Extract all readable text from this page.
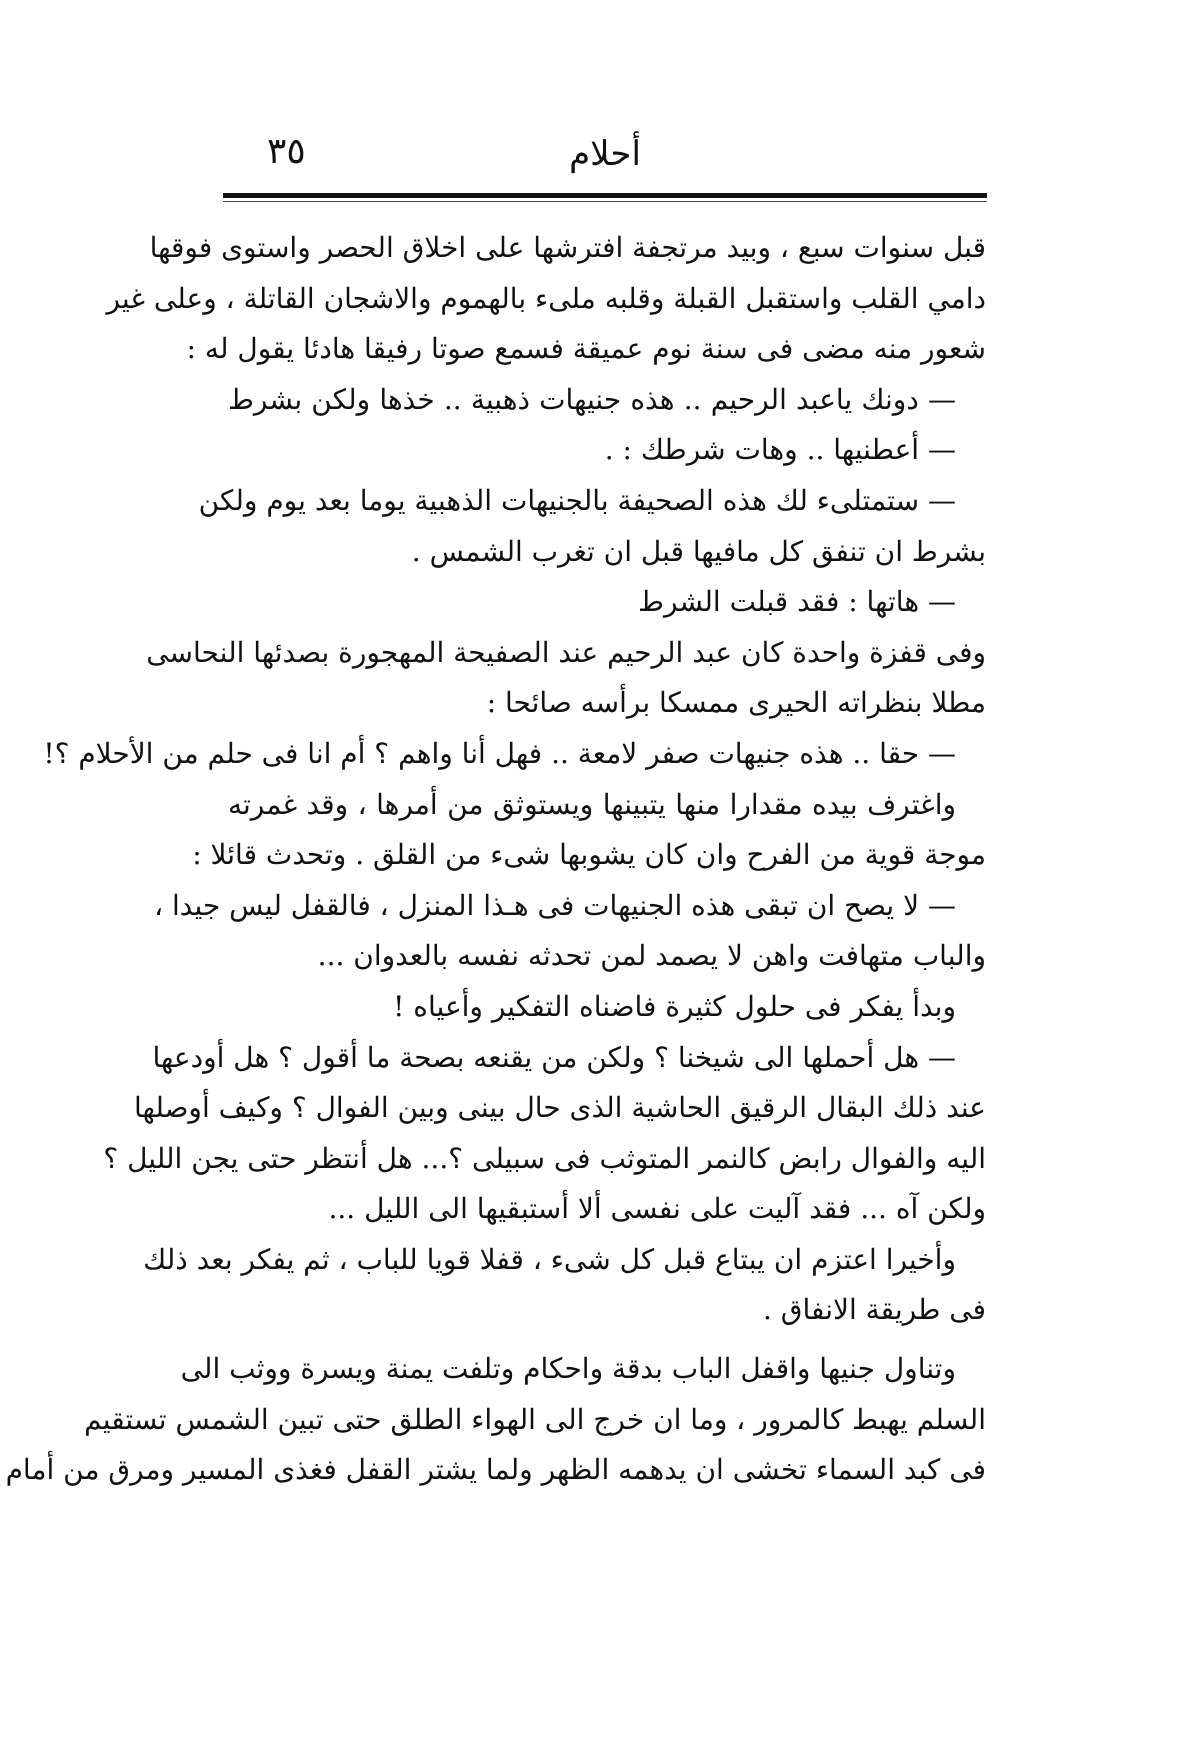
أحلام
٣٥
قبل سنوات سبع ، وبيد مرتجفة افترشها على اخلاق الحصر واستوى فوقها
دامي القلب واستقبل القبلة وقلبه ملىء بالهموم والاشجان القاتلة ، وعلى غير
شعور منه مضى فى سنة نوم عميقة فسمع صوتا رفيقا هادئا يقول له :
— دونك ياعبد الرحيم .. هذه جنيهات ذهبية .. خذها ولكن بشرط
— أعطنيها .. وهات شرطك : .
— ستمتلىء لك هذه الصحيفة بالجنيهات الذهبية يوما بعد يوم ولكن
بشرط ان تنفق كل مافيها قبل ان تغرب الشمس .
— هاتها : فقد قبلت الشرط
وفى قفزة واحدة كان عبد الرحيم عند الصفيحة المهجورة بصدئها النحاسى
مطلا بنظراته الحيرى ممسكا برأسه صائحا :
— حقا .. هذه جنيهات صفر لامعة .. فهل أنا واهم ؟ أم انا فى حلم من الأحلام ؟!
واغترف بيده مقدارا منها يتبينها ويستوثق من أمرها ، وقد غمرته
موجة قوية من الفرح وان كان يشوبها شىء من القلق . وتحدث قائلا :
— لا يصح ان تبقى هذه الجنيهات فى هـذا المنزل ، فالقفل ليس جيدا ،
والباب متهافت واهن لا يصمد لمن تحدثه نفسه بالعدوان ...
وبدأ يفكر فى حلول كثيرة فاضناه التفكير وأعياه !
— هل أحملها الى شيخنا ؟ ولكن من يقنعه بصحة ما أقول ؟ هل أودعها
عند ذلك البقال الرقيق الحاشية الذى حال بينى وبين الفوال ؟ وكيف أوصلها
اليه والفوال رابض كالنمر المتوثب فى سبيلى ؟... هل أنتظر حتى يجن الليل ؟
ولكن آه ... فقد آليت على نفسى ألا أستبقيها الى الليل ...
وأخيرا اعتزم ان يبتاع قبل كل شىء ، قفلا قويا للباب ، ثم يفكر بعد ذلك
فى طريقة الانفاق .
وتناول جنيها واقفل الباب بدقة واحكام وتلفت يمنة ويسرة ووثب الى
السلم يهبط كالمرور ، وما ان خرج الى الهواء الطلق حتى تبين الشمس تستقيم
فى كبد السماء تخشى ان يدهمه الظهر ولما يشتر القفل فغذى المسير ومرق من أمام
